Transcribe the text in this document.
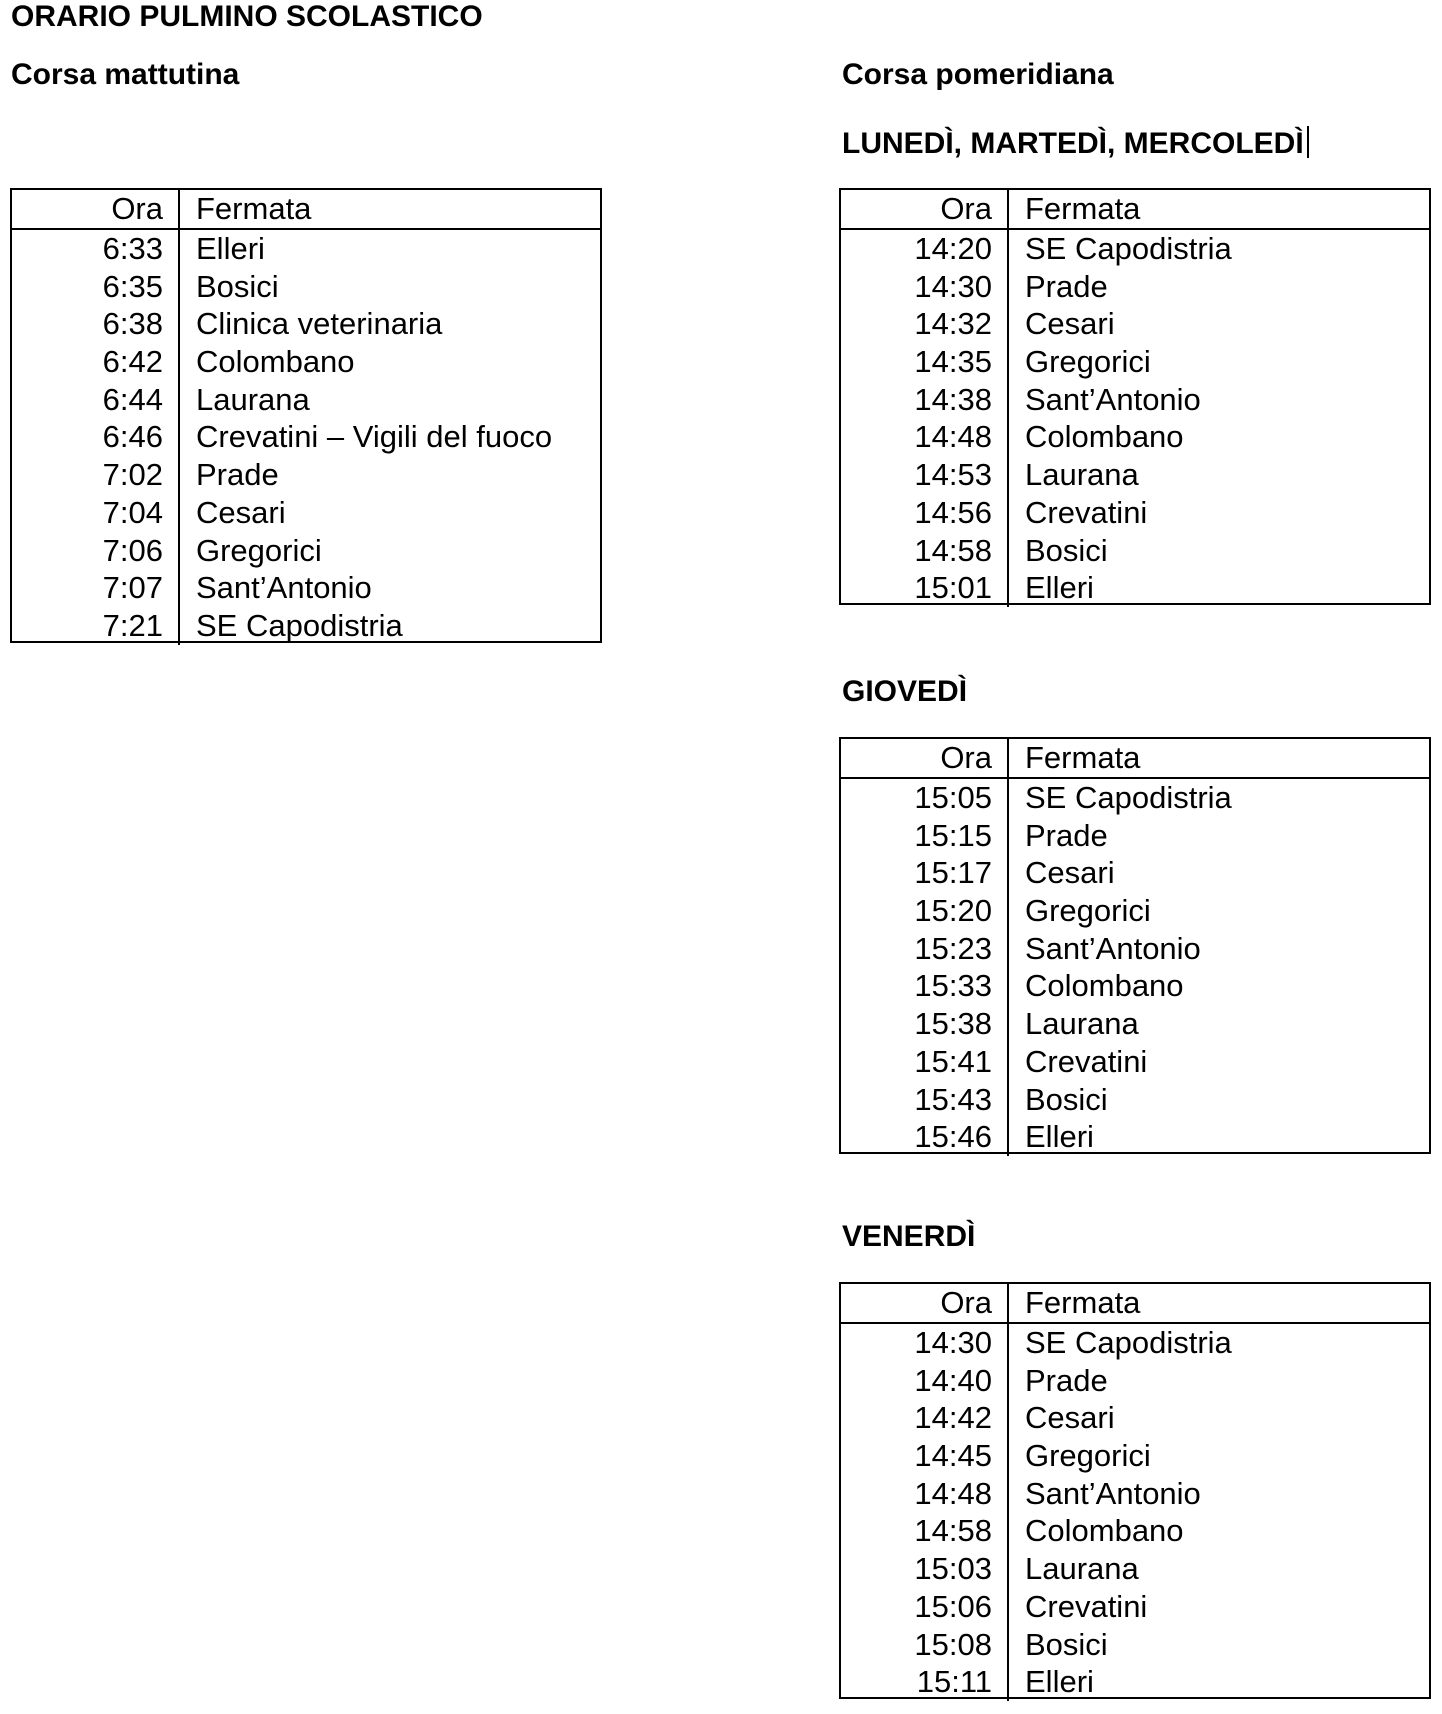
ORARIO PULMINO SCOLASTICO
Corsa mattutina
Ora	Fermata
6:33	Elleri
6:35	Bosici
6:38	Clinica veterinaria
6:42	Colombano
6:44	Laurana
6:46	Crevatini – Vigili del fuoco
7:02	Prade
7:04	Cesari
7:06	Gregorici
7:07	Sant’Antonio
7:21	SE Capodistria
Corsa pomeridiana
LUNEDÌ, MARTEDÌ, MERCOLEDÌ
Ora	Fermata
14:20	SE Capodistria
14:30	Prade
14:32	Cesari
14:35	Gregorici
14:38	Sant’Antonio
14:48	Colombano
14:53	Laurana
14:56	Crevatini
14:58	Bosici
15:01	Elleri
GIOVEDÌ
Ora	Fermata
15:05	SE Capodistria
15:15	Prade
15:17	Cesari
15:20	Gregorici
15:23	Sant’Antonio
15:33	Colombano
15:38	Laurana
15:41	Crevatini
15:43	Bosici
15:46	Elleri
VENERDÌ
Ora	Fermata
14:30	SE Capodistria
14:40	Prade
14:42	Cesari
14:45	Gregorici
14:48	Sant’Antonio
14:58	Colombano
15:03	Laurana
15:06	Crevatini
15:08	Bosici
15:11	Elleri
